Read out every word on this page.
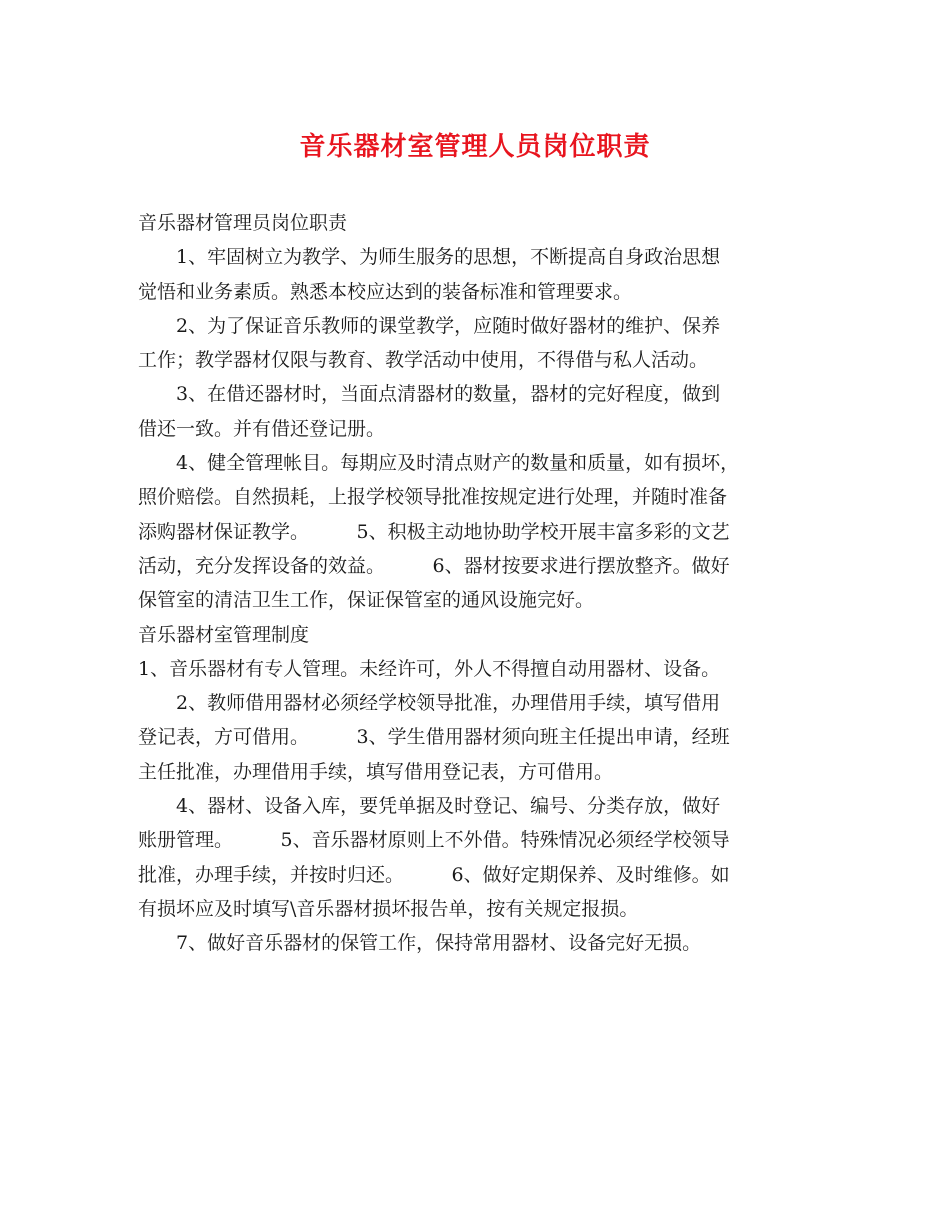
音乐器材室管理人员岗位职责
音乐器材管理员岗位职责
　　1、牢固树立为教学、为师生服务的思想，不断提高自身政治思想
觉悟和业务素质。熟悉本校应达到的装备标准和管理要求。
　　2、为了保证音乐教师的课堂教学，应随时做好器材的维护、保养
工作；教学器材仅限与教育、教学活动中使用，不得借与私人活动。
　　3、在借还器材时，当面点清器材的数量，器材的完好程度，做到
借还一致。并有借还登记册。
　　4、健全管理帐目。每期应及时清点财产的数量和质量，如有损坏，
照价赔偿。自然损耗，上报学校领导批准按规定进行处理，并随时准备
添购器材保证教学。　　　5、积极主动地协助学校开展丰富多彩的文艺
活动，充分发挥设备的效益。　　　6、器材按要求进行摆放整齐。做好
保管室的清洁卫生工作，保证保管室的通风设施完好。
音乐器材室管理制度
1、音乐器材有专人管理。未经许可，外人不得擅自动用器材、设备。
　　2、教师借用器材必须经学校领导批准，办理借用手续，填写借用
登记表，方可借用。　　　3、学生借用器材须向班主任提出申请，经班
主任批准，办理借用手续，填写借用登记表，方可借用。
　　4、器材、设备入库，要凭单据及时登记、编号、分类存放，做好
账册管理。　　　5、音乐器材原则上不外借。特殊情况必须经学校领导
批准，办理手续，并按时归还。　　　6、做好定期保养、及时维修。如
有损坏应及时填写\音乐器材损坏报告单，按有关规定报损。
　　7、做好音乐器材的保管工作，保持常用器材、设备完好无损。
